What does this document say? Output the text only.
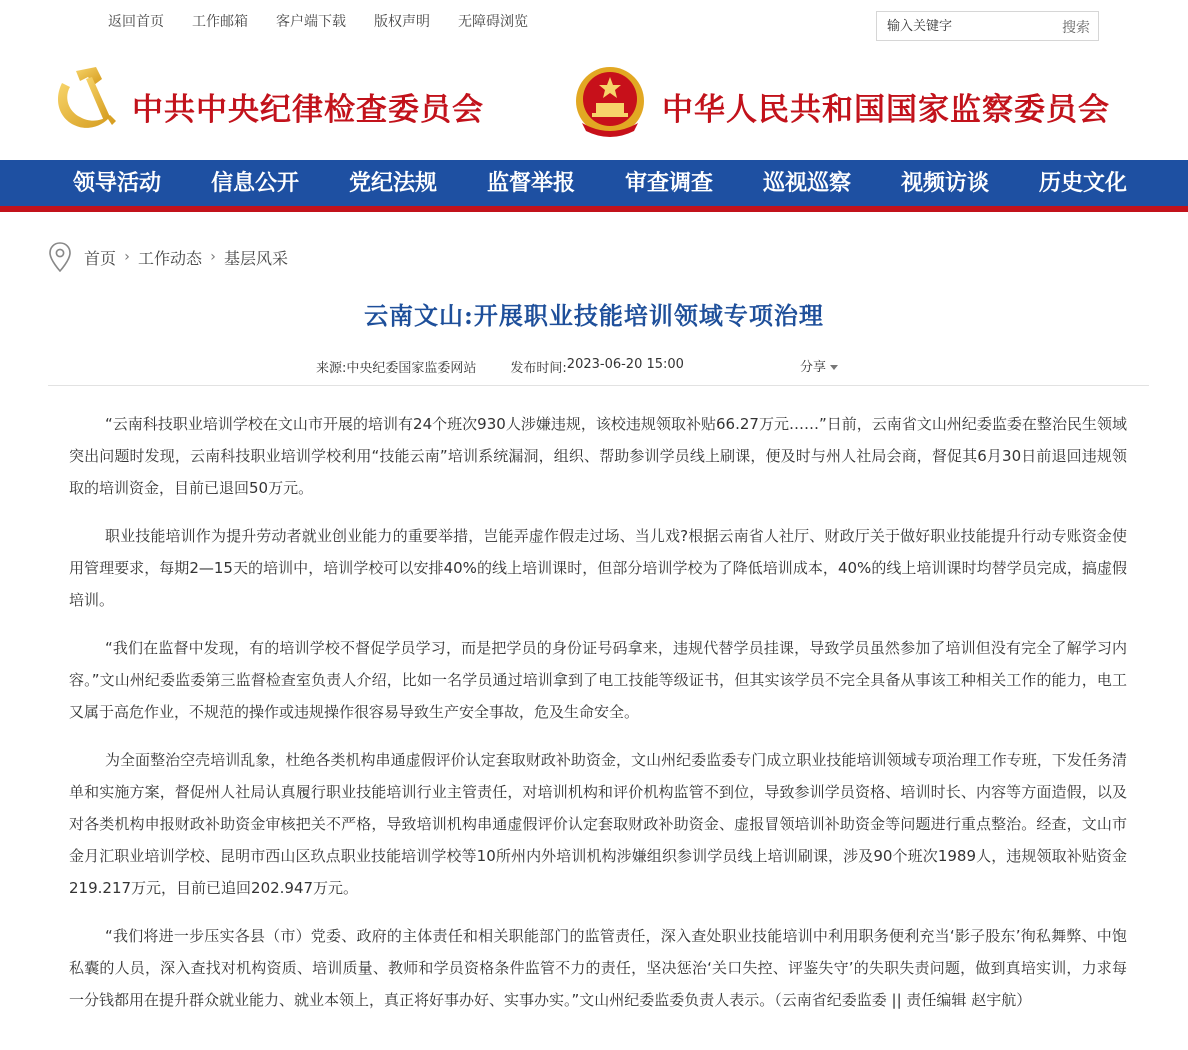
返回首页 工作邮箱 客户端下载 版权声明 无障碍浏览
输入关键字	搜索
中共中央纪律检查委员会	中华人民共和国国家监察委员会
领导活动	信息公开	党纪法规	监督举报	审查调查	巡视巡察	视频访谈	历史文化
首页 › 工作动态 › 基层风采
云南文山:开展职业技能培训领域专项治理
来源: 中央纪委国家监委网站	发布时间: 2023-06-20 15:00	分享

“云南科技职业培训学校在文山市开展的培训有24个班次930人涉嫌违规，该校违规领取补贴66.27万元……”日前，云南省文山州纪委监委在整治民生领域突出问题时发现，云南科技职业培训学校利用“技能云南”培训系统漏洞，组织、帮助参训学员线上刷课，便及时与州人社局会商，督促其6月30日前退回违规领取的培训资金，目前已退回50万元。

职业技能培训作为提升劳动者就业创业能力的重要举措，岂能弄虚作假走过场、当儿戏?根据云南省人社厅、财政厅关于做好职业技能提升行动专账资金使用管理要求，每期2—15天的培训中，培训学校可以安排40%的线上培训课时，但部分培训学校为了降低培训成本，40%的线上培训课时均替学员完成，搞虚假培训。

“我们在监督中发现，有的培训学校不督促学员学习，而是把学员的身份证号码拿来，违规代替学员挂课，导致学员虽然参加了培训但没有完全了解学习内容。”文山州纪委监委第三监督检查室负责人介绍，比如一名学员通过培训拿到了电工技能等级证书，但其实该学员不完全具备从事该工种相关工作的能力，电工又属于高危作业，不规范的操作或违规操作很容易导致生产安全事故，危及生命安全。

为全面整治空壳培训乱象，杜绝各类机构串通虚假评价认定套取财政补助资金，文山州纪委监委专门成立职业技能培训领域专项治理工作专班，下发任务清单和实施方案，督促州人社局认真履行职业技能培训行业主管责任，对培训机构和评价机构监管不到位，导致参训学员资格、培训时长、内容等方面造假，以及对各类机构申报财政补助资金审核把关不严格，导致培训机构串通虚假评价认定套取财政补助资金、虚报冒领培训补助资金等问题进行重点整治。经查，文山市金月汇职业培训学校、昆明市西山区玖点职业技能培训学校等10所州内外培训机构涉嫌组织参训学员线上培训刷课，涉及90个班次1989人，违规领取补贴资金219.217万元，目前已追回202.947万元。

“我们将进一步压实各县（市）党委、政府的主体责任和相关职能部门的监管责任，深入查处职业技能培训中利用职务便利充当‘影子股东’徇私舞弊、中饱私囊的人员，深入查找对机构资质、培训质量、教师和学员资格条件监管不力的责任，坚决惩治‘关口失控、评鉴失守’的失职失责问题，做到真培实训，力求每一分钱都用在提升群众就业能力、就业本领上，真正将好事办好、实事办实。”文山州纪委监委负责人表示。（云南省纪委监委 || 责任编辑 赵宇航）
